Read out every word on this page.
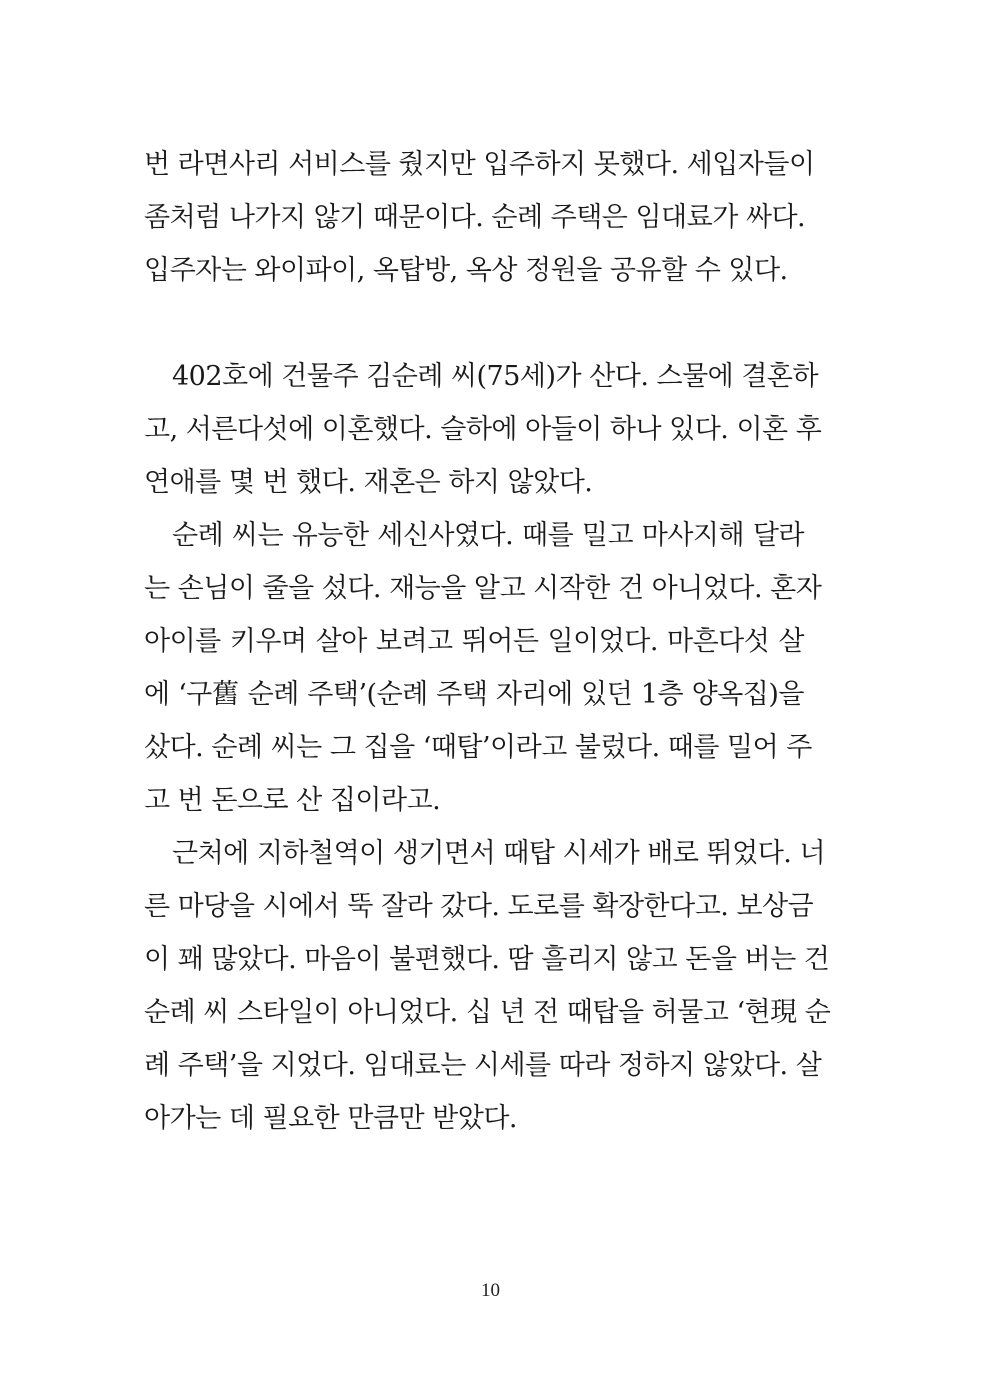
번 라면사리 서비스를 줬지만 입주하지 못했다. 세입자들이
좀처럼 나가지 않기 때문이다. 순례 주택은 임대료가 싸다.
입주자는 와이파이, 옥탑방, 옥상 정원을 공유할 수 있다.
402호에 건물주 김순례 씨(75세)가 산다. 스물에 결혼하
고, 서른다섯에 이혼했다. 슬하에 아들이 하나 있다. 이혼 후
연애를 몇 번 했다. 재혼은 하지 않았다.
순례 씨는 유능한 세신사였다. 때를 밀고 마사지해 달라
는 손님이 줄을 섰다. 재능을 알고 시작한 건 아니었다. 혼자
아이를 키우며 살아 보려고 뛰어든 일이었다. 마흔다섯 살
에 ‘구舊 순례 주택’(순례 주택 자리에 있던 1층 양옥집)을
샀다. 순례 씨는 그 집을 ‘때탑’이라고 불렀다. 때를 밀어 주
고 번 돈으로 산 집이라고.
근처에 지하철역이 생기면서 때탑 시세가 배로 뛰었다. 너
른 마당을 시에서 뚝 잘라 갔다. 도로를 확장한다고. 보상금
이 꽤 많았다. 마음이 불편했다. 땀 흘리지 않고 돈을 버는 건
순례 씨 스타일이 아니었다. 십 년 전 때탑을 허물고 ‘현現 순
례 주택’을 지었다. 임대료는 시세를 따라 정하지 않았다. 살
아가는 데 필요한 만큼만 받았다.
10
